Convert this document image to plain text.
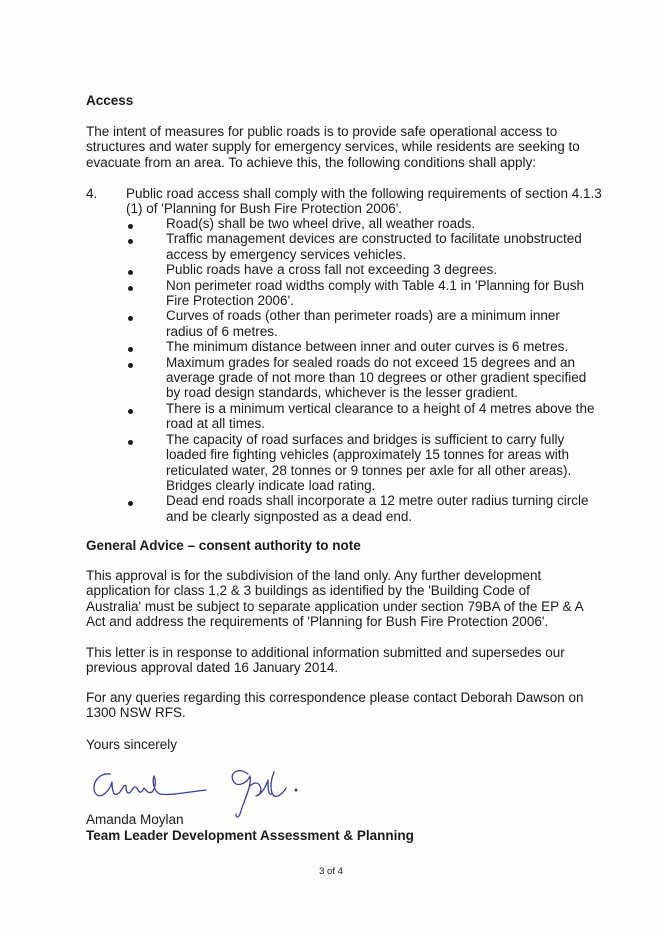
Access

The intent of measures for public roads is to provide safe operational access to structures and water supply for emergency services, while residents are seeking to evacuate from an area. To achieve this, the following conditions shall apply:

4. Public road access shall comply with the following requirements of section 4.1.3 (1) of 'Planning for Bush Fire Protection 2006'.

Road(s) shall be two wheel drive, all weather roads.
Traffic management devices are constructed to facilitate unobstructed access by emergency services vehicles.
Public roads have a cross fall not exceeding 3 degrees.
Non perimeter road widths comply with Table 4.1 in 'Planning for Bush Fire Protection 2006'.
Curves of roads (other than perimeter roads) are a minimum inner radius of 6 metres.
The minimum distance between inner and outer curves is 6 metres.
Maximum grades for sealed roads do not exceed 15 degrees and an average grade of not more than 10 degrees or other gradient specified by road design standards, whichever is the lesser gradient.
There is a minimum vertical clearance to a height of 4 metres above the road at all times.
The capacity of road surfaces and bridges is sufficient to carry fully loaded fire fighting vehicles (approximately 15 tonnes for areas with reticulated water, 28 tonnes or 9 tonnes per axle for all other areas). Bridges clearly indicate load rating.
Dead end roads shall incorporate a 12 metre outer radius turning circle and be clearly signposted as a dead end.
General Advice – consent authority to note

This approval is for the subdivision of the land only. Any further development application for class 1,2 & 3 buildings as identified by the 'Building Code of Australia' must be subject to separate application under section 79BA of the EP & A Act and address the requirements of 'Planning for Bush Fire Protection 2006'.

This letter is in response to additional information submitted and supersedes our previous approval dated 16 January 2014.

For any queries regarding this correspondence please contact Deborah Dawson on 1300 NSW RFS.

Yours sincerely

Amanda Moylan

Team Leader Development Assessment & Planning

3 of 4
